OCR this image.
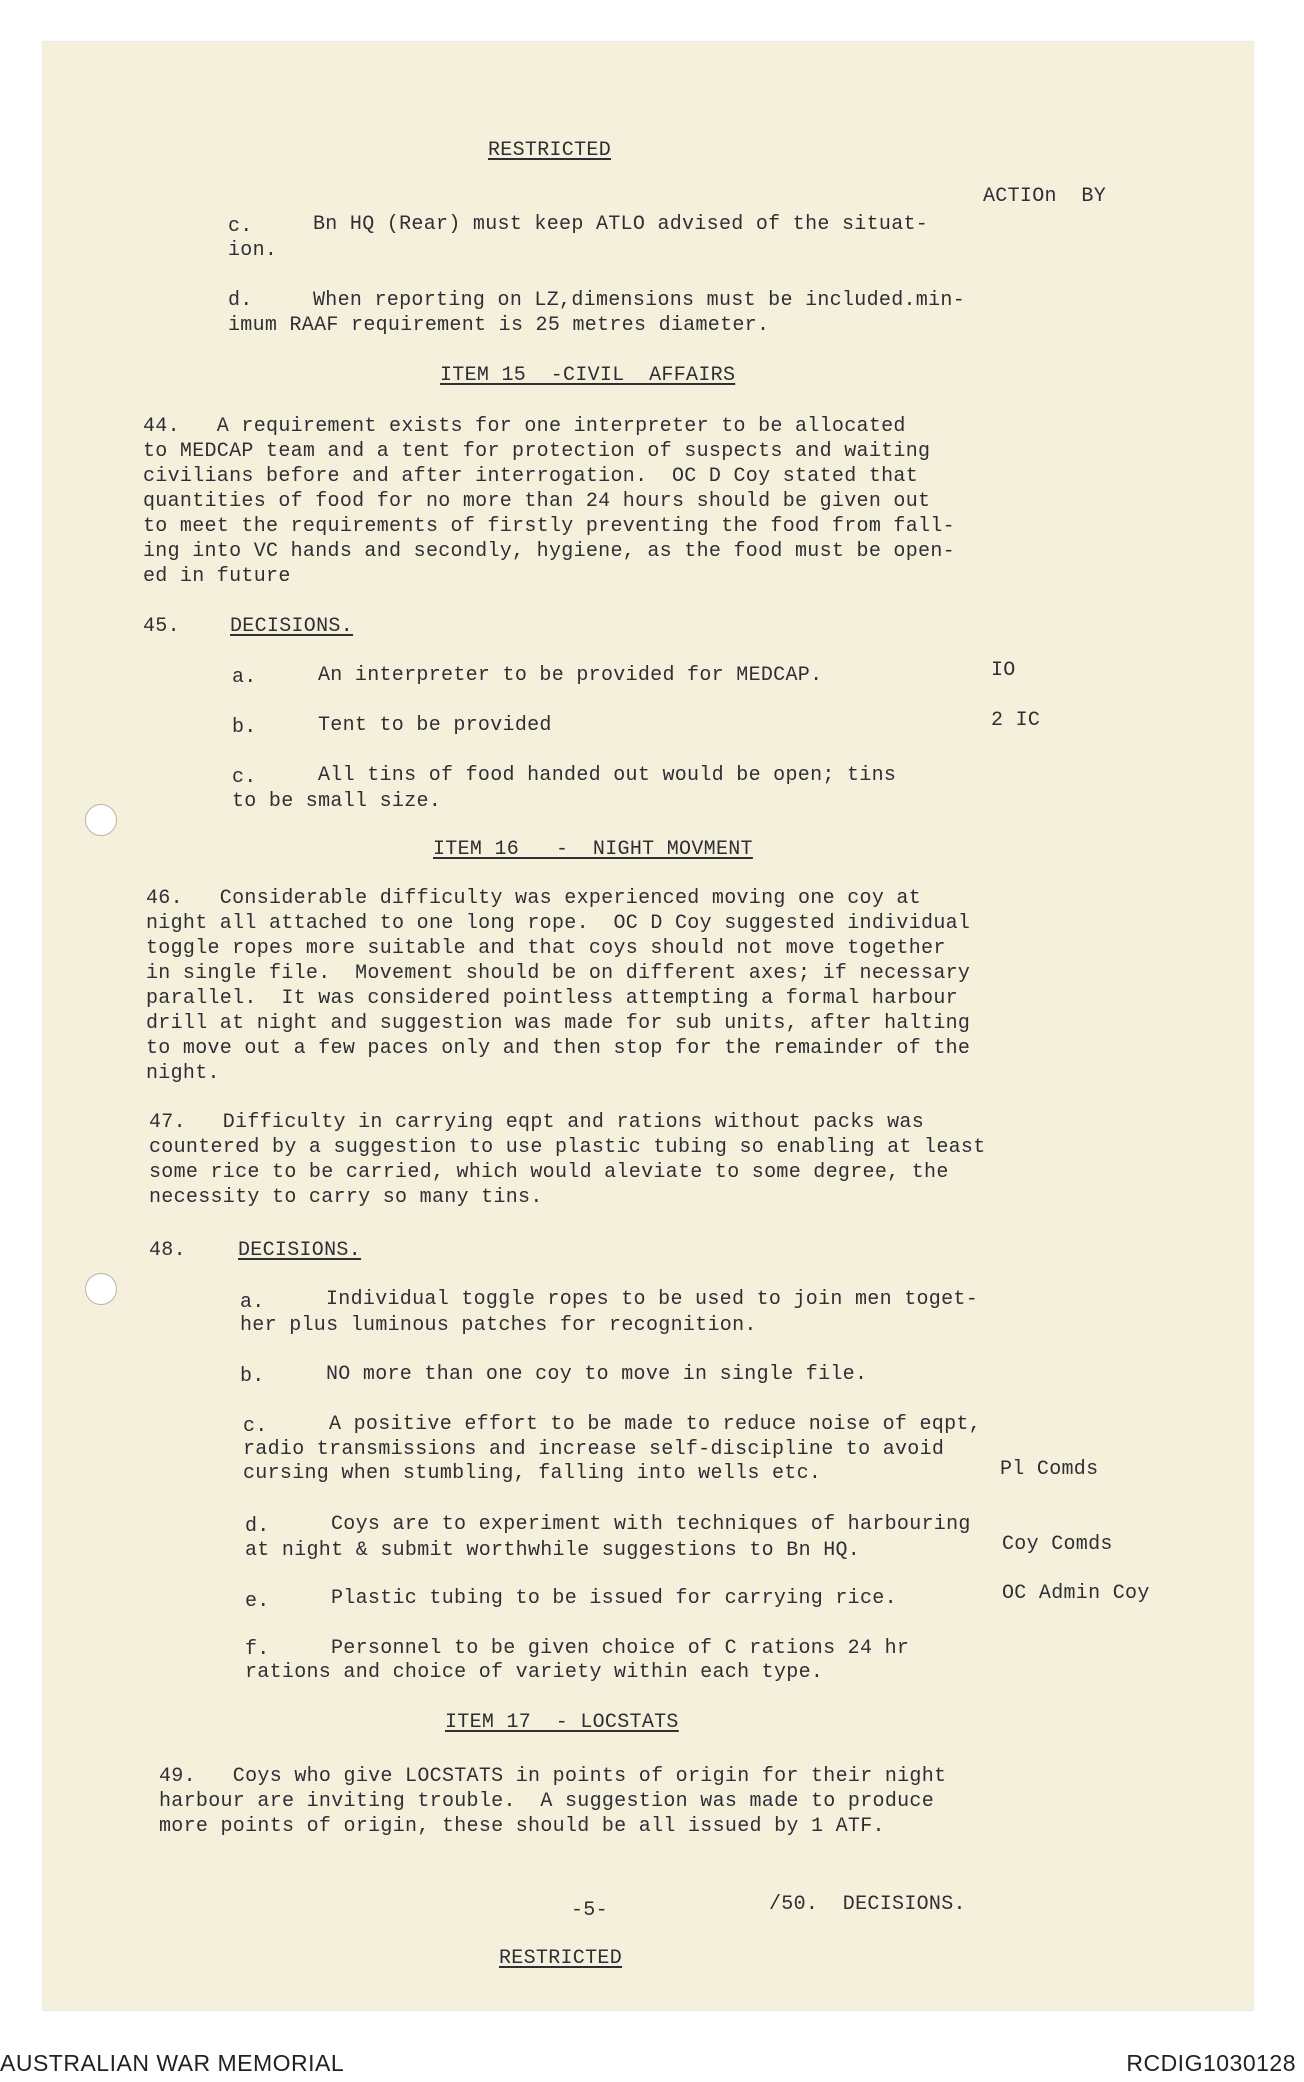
RESTRICTED
ACTIOn  BY
c.	Bn HQ (Rear) must keep ATLO advised of the situat-
ion.
d.	When reporting on LZ,dimensions must be included.min-
imum RAAF requirement is 25 metres diameter.
ITEM 15  -CIVIL  AFFAIRS
44.   A requirement exists for one interpreter to be allocated
to MEDCAP team and a tent for protection of suspects and waiting
civilians before and after interrogation.  OC D Coy stated that
quantities of food for no more than 24 hours should be given out
to meet the requirements of firstly preventing the food from fall-
ing into VC hands and secondly, hygiene, as the food must be open-
ed in future
45.	DECISIONS.
a.	An interpreter to be provided for MEDCAP.	IO
b.	Tent to be provided	2 IC
c.	All tins of food handed out would be open; tins
to be small size.
ITEM 16   -  NIGHT MOVMENT
46.   Considerable difficulty was experienced moving one coy at
night all attached to one long rope.  OC D Coy suggested individual
toggle ropes more suitable and that coys should not move together
in single file.  Movement should be on different axes; if necessary
parallel.  It was considered pointless attempting a formal harbour
drill at night and suggestion was made for sub units, after halting
to move out a few paces only and then stop for the remainder of the
night.
47.   Difficulty in carrying eqpt and rations without packs was
countered by a suggestion to use plastic tubing so enabling at least
some rice to be carried, which would aleviate to some degree, the
necessity to carry so many tins.
48.	DECISIONS.
a.	Individual toggle ropes to be used to join men toget-
her plus luminous patches for recognition.
b.	NO more than one coy to move in single file.
c.	A positive effort to be made to reduce noise of eqpt,
radio transmissions and increase self-discipline to avoid
cursing when stumbling, falling into wells etc.	Pl Comds
d.	Coys are to experiment with techniques of harbouring
at night & submit worthwhile suggestions to Bn HQ.	Coy Comds
e.	Plastic tubing to be issued for carrying rice.	OC Admin Coy
f.	Personnel to be given choice of C rations 24 hr
rations and choice of variety within each type.
ITEM 17  - LOCSTATS
49.   Coys who give LOCSTATS in points of origin for their night
harbour are inviting trouble.  A suggestion was made to produce
more points of origin, these should be all issued by 1 ATF.
-5-	/50.  DECISIONS.
RESTRICTED
AUSTRALIAN WAR MEMORIAL	RCDIG1030128
